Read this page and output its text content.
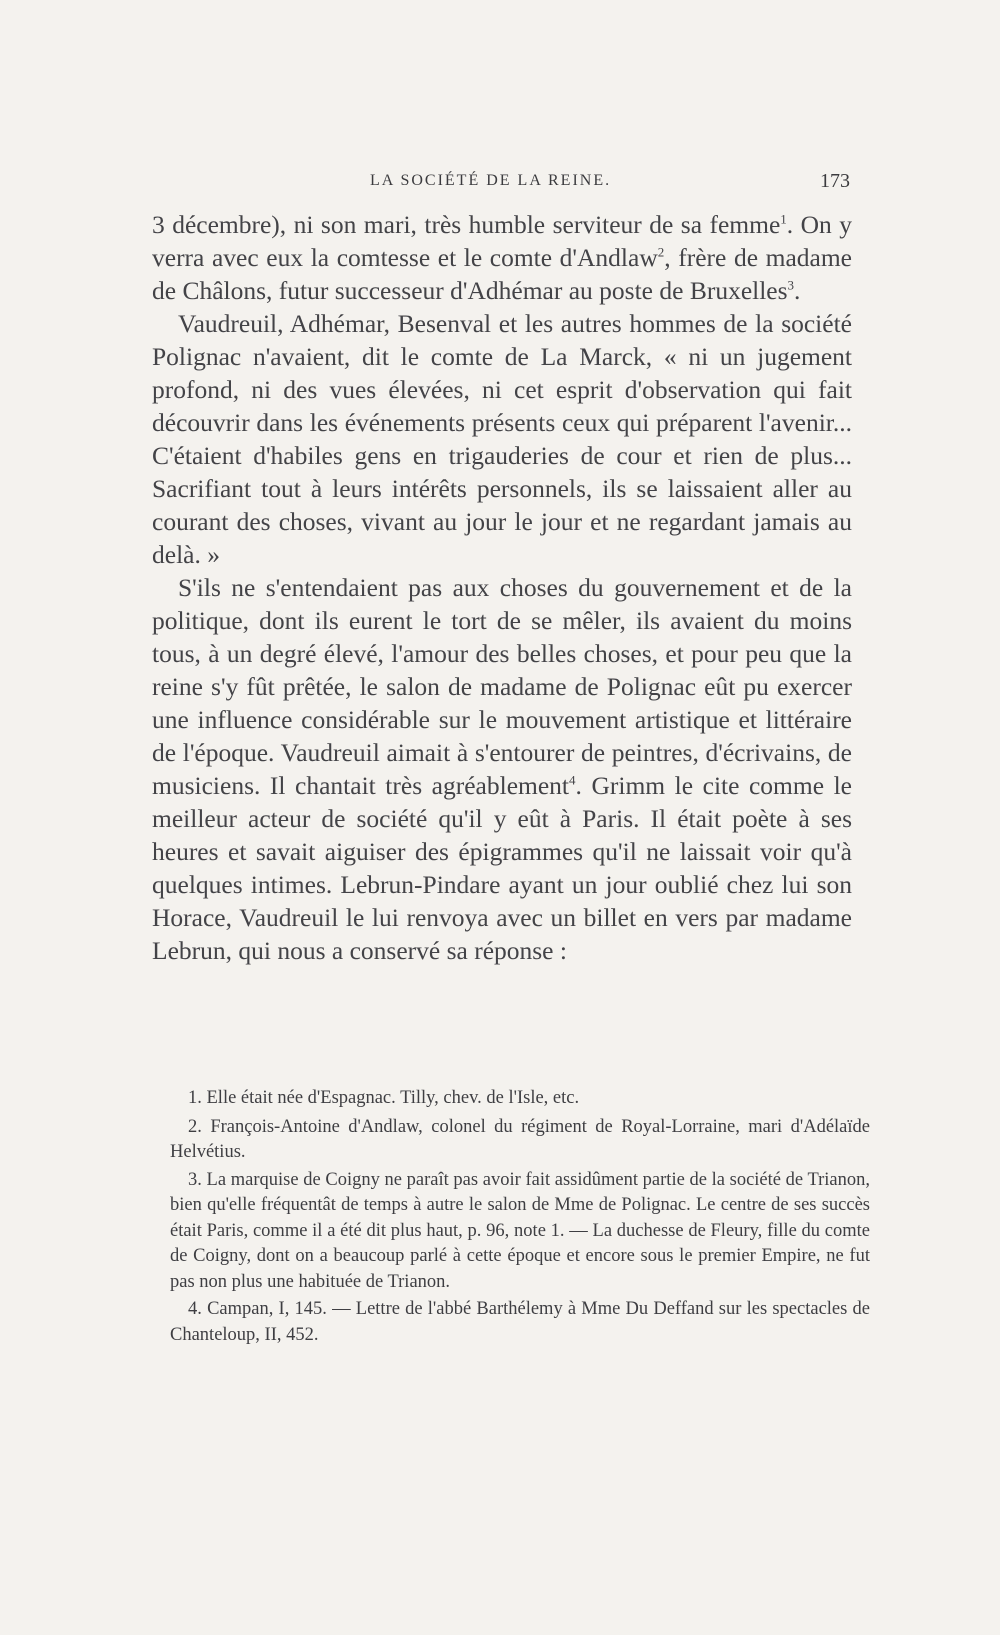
LA SOCIÉTÉ DE LA REINE.	173

3 décembre), ni son mari, très humble serviteur de sa femme$^1$. On y verra avec eux la comtesse et le comte d'Andlaw$^2$, frère de madame de Châlons, futur successeur d'Adhémar au poste de Bruxelles$^3$.

Vaudreuil, Adhémar, Besenval et les autres hommes de la société Polignac n'avaient, dit le comte de La Marck, « ni un jugement profond, ni des vues élevées, ni cet esprit d'observation qui fait découvrir dans les événements présents ceux qui préparent l'avenir... C'étaient d'habiles gens en trigauderies de cour et rien de plus... Sacrifiant tout à leurs intérêts personnels, ils se laissaient aller au courant des choses, vivant au jour le jour et ne regardant jamais au delà. »

S'ils ne s'entendaient pas aux choses du gouvernement et de la politique, dont ils eurent le tort de se mêler, ils avaient du moins tous, à un degré élevé, l'amour des belles choses, et pour peu que la reine s'y fût prêtée, le salon de madame de Polignac eût pu exercer une influence considérable sur le mouvement artistique et littéraire de l'époque. Vaudreuil aimait à s'entourer de peintres, d'écrivains, de musiciens. Il chantait très agréablement$^4$. Grimm le cite comme le meilleur acteur de société qu'il y eût à Paris. Il était poète à ses heures et savait aiguiser des épigrammes qu'il ne laissait voir qu'à quelques intimes. Lebrun-Pindare ayant un jour oublié chez lui son Horace, Vaudreuil le lui renvoya avec un billet en vers par madame Lebrun, qui nous a conservé sa réponse :

1. Elle était née d'Espagnac. Tilly, chev. de l'Isle, etc.

2. François-Antoine d'Andlaw, colonel du régiment de Royal-Lorraine, mari d'Adélaïde Helvétius.

3. La marquise de Coigny ne paraît pas avoir fait assidûment partie de la société de Trianon, bien qu'elle fréquentât de temps à autre le salon de Mme de Polignac. Le centre de ses succès était Paris, comme il a été dit plus haut, p. 96, note 1. — La duchesse de Fleury, fille du comte de Coigny, dont on a beaucoup parlé à cette époque et encore sous le premier Empire, ne fut pas non plus une habituée de Trianon.

4. Campan, I, 145. — Lettre de l'abbé Barthélemy à Mme Du Deffand sur les spectacles de Chanteloup, II, 452.
